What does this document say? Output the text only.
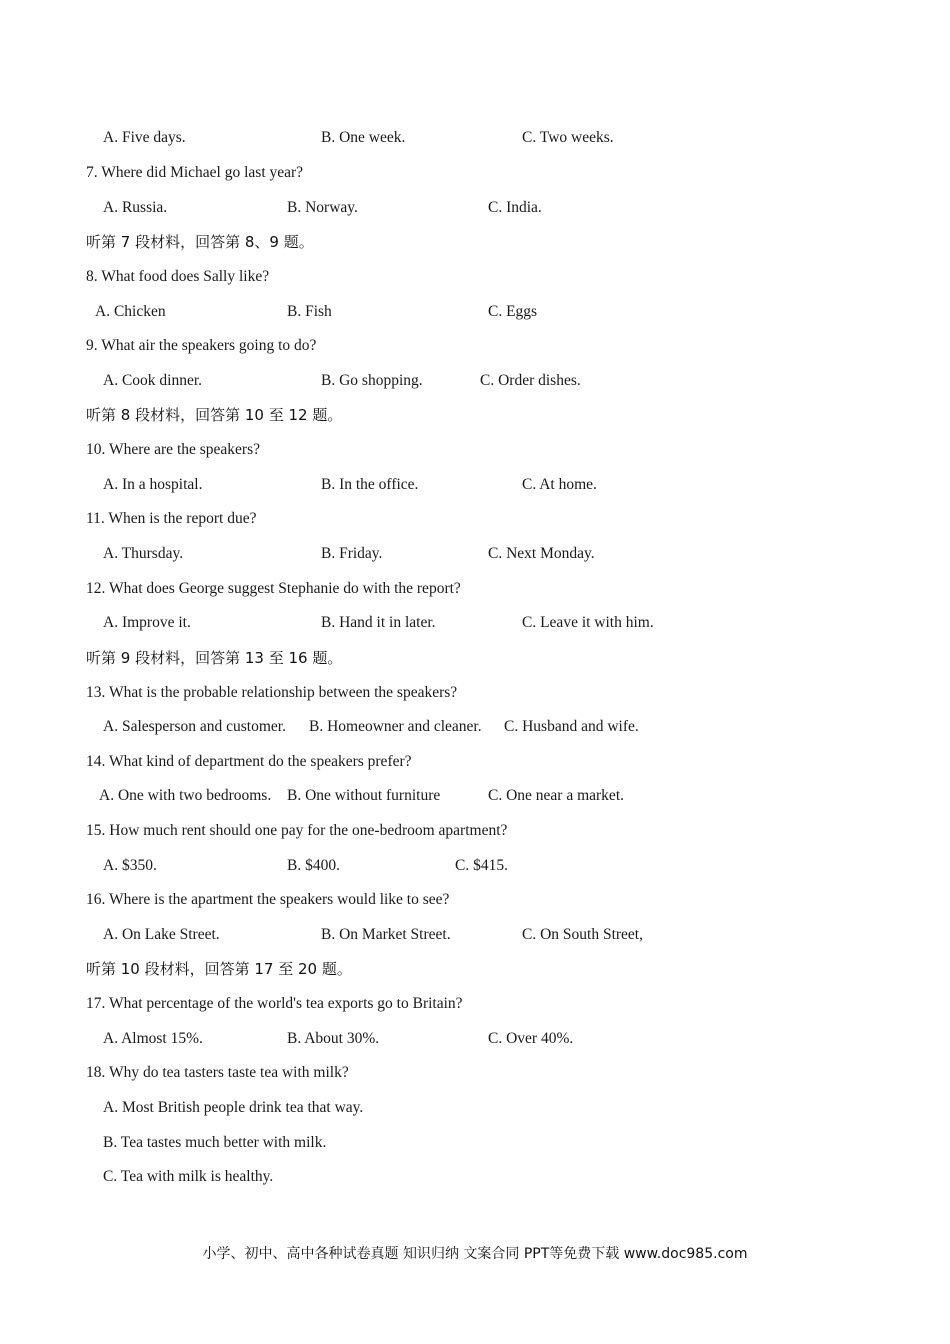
A. Five days.	B. One week.	C. Two weeks.
7. Where did Michael go last year?
A. Russia.	B. Norway.	C. India.
听第 7 段材料，回答第 8、9 题。
8. What food does Sally like?
A. Chicken	B. Fish	C. Eggs
9. What air the speakers going to do?
A. Cook dinner.	B. Go shopping.	C. Order dishes.
听第 8 段材料，回答第 10 至 12 题。
10. Where are the speakers?
A. In a hospital.	B. In the office.	C. At home.
11. When is the report due?
A. Thursday.	B. Friday.	C. Next Monday.
12. What does George suggest Stephanie do with the report?
A. Improve it.	B. Hand it in later.	C. Leave it with him.
听第 9 段材料，回答第 13 至 16 题。
13. What is the probable relationship between the speakers?
A. Salesperson and customer. B. Homeowner and cleaner. C. Husband and wife.
14. What kind of department do the speakers prefer?
A. One with two bedrooms. B. One without furniture	C. One near a market.
15. How much rent should one pay for the one-bedroom apartment?
A. $350.	B. $400.	C. $415.
16. Where is the apartment the speakers would like to see?
A. On Lake Street.	B. On Market Street.	C. On South Street,
听第 10 段材料，回答第 17 至 20 题。
17. What percentage of the world's tea exports go to Britain?
A. Almost 15%.	B. About 30%.	C. Over 40%.
18. Why do tea tasters taste tea with milk?
A. Most British people drink tea that way.
B. Tea tastes much better with milk.
C. Tea with milk is healthy.
小学、初中、高中各种试卷真题 知识归纳 文案合同 PPT等免费下载 www.doc985.com
